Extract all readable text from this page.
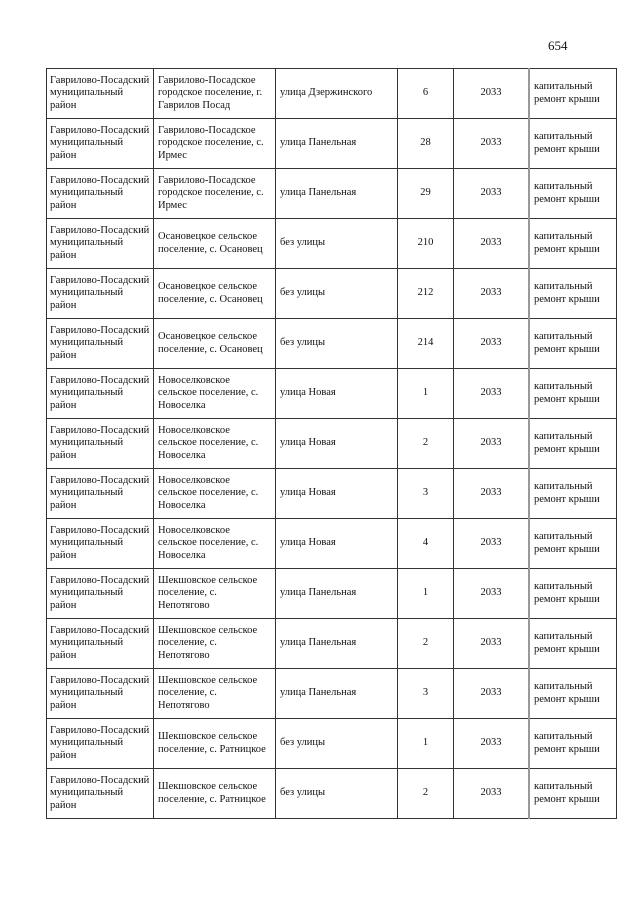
654
Гаврилово-Посадский муниципальный район	Гаврилово-Посадское городское поселение, г. Гаврилов Посад	улица Дзержинского	6	2033	капитальный ремонт крыши
Гаврилово-Посадский муниципальный район	Гаврилово-Посадское городское поселение, с. Ирмес	улица Панельная	28	2033	капитальный ремонт крыши
Гаврилово-Посадский муниципальный район	Гаврилово-Посадское городское поселение, с. Ирмес	улица Панельная	29	2033	капитальный ремонт крыши
Гаврилово-Посадский муниципальный район	Осановецкое сельское поселение, с. Осановец	без улицы	210	2033	капитальный ремонт крыши
Гаврилово-Посадский муниципальный район	Осановецкое сельское поселение, с. Осановец	без улицы	212	2033	капитальный ремонт крыши
Гаврилово-Посадский муниципальный район	Осановецкое сельское поселение, с. Осановец	без улицы	214	2033	капитальный ремонт крыши
Гаврилово-Посадский муниципальный район	Новоселковское сельское поселение, с. Новоселка	улица Новая	1	2033	капитальный ремонт крыши
Гаврилово-Посадский муниципальный район	Новоселковское сельское поселение, с. Новоселка	улица Новая	2	2033	капитальный ремонт крыши
Гаврилово-Посадский муниципальный район	Новоселковское сельское поселение, с. Новоселка	улица Новая	3	2033	капитальный ремонт крыши
Гаврилово-Посадский муниципальный район	Новоселковское сельское поселение, с. Новоселка	улица Новая	4	2033	капитальный ремонт крыши
Гаврилово-Посадский муниципальный район	Шекшовское сельское поселение, с. Непотягово	улица Панельная	1	2033	капитальный ремонт крыши
Гаврилово-Посадский муниципальный район	Шекшовское сельское поселение, с. Непотягово	улица Панельная	2	2033	капитальный ремонт крыши
Гаврилово-Посадский муниципальный район	Шекшовское сельское поселение, с. Непотягово	улица Панельная	3	2033	капитальный ремонт крыши
Гаврилово-Посадский муниципальный район	Шекшовское сельское поселение, с. Ратницкое	без улицы	1	2033	капитальный ремонт крыши
Гаврилово-Посадский муниципальный район	Шекшовское сельское поселение, с. Ратницкое	без улицы	2	2033	капитальный ремонт крыши
